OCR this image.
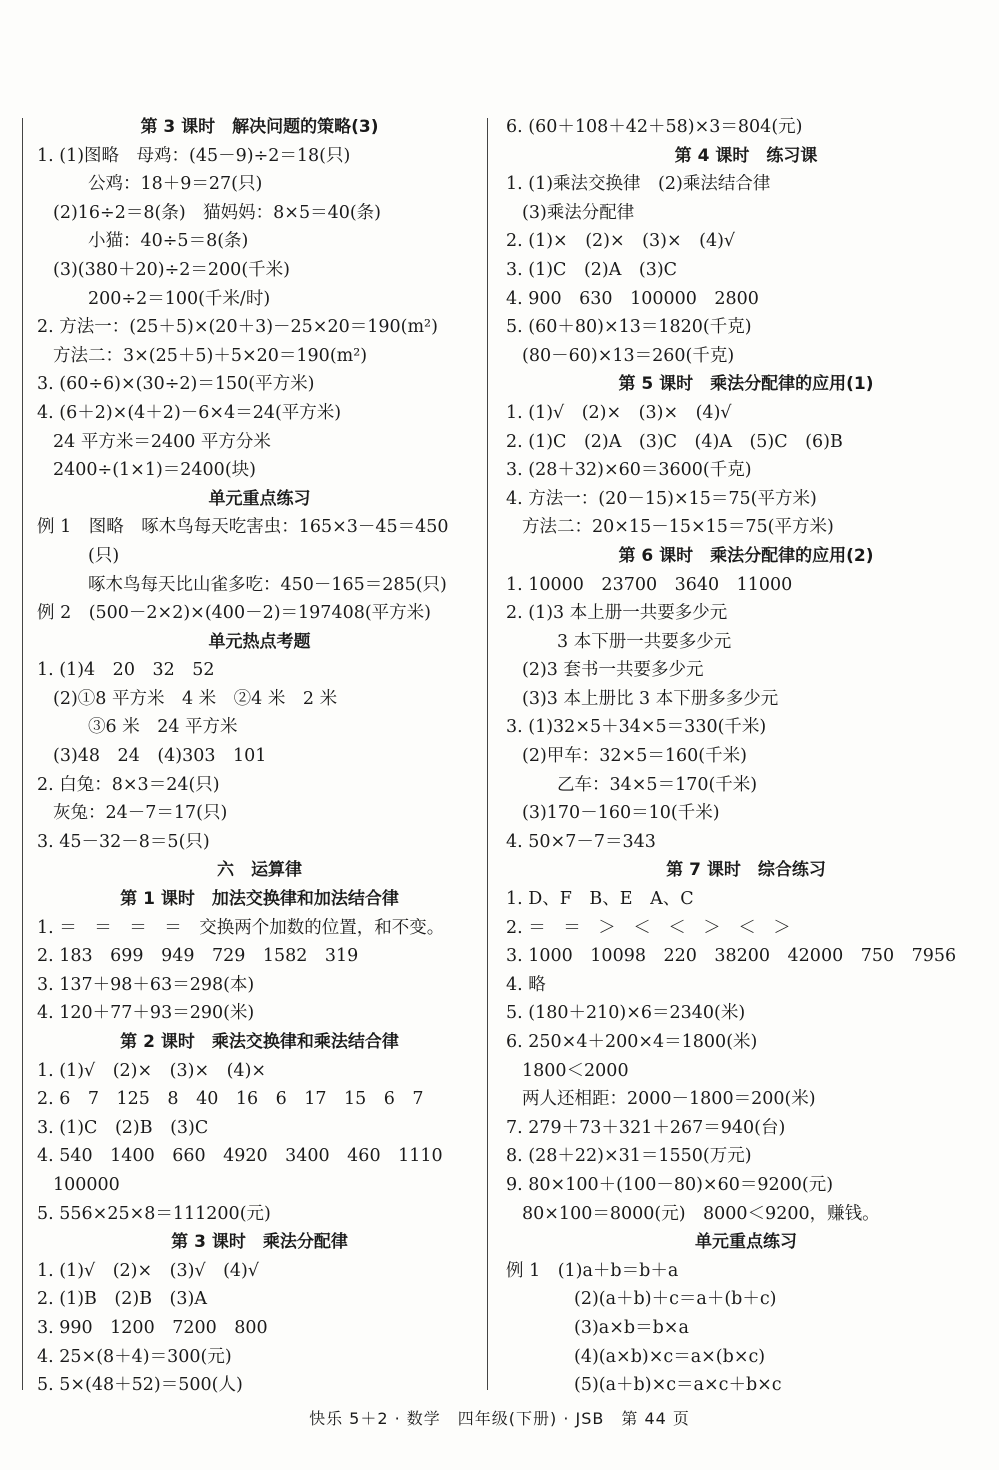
第 3 课时　解决问题的策略(3)
1. (1)图略　母鸡：(45－9)÷2＝18(只)
公鸡：18＋9＝27(只)
(2)16÷2＝8(条)　猫妈妈：8×5＝40(条)
小猫：40÷5＝8(条)
(3)(380＋20)÷2＝200(千米)
200÷2＝100(千米/时)
2. 方法一：(25＋5)×(20＋3)－25×20＝190(m²)
方法二：3×(25＋5)＋5×20＝190(m²)
3. (60÷6)×(30÷2)＝150(平方米)
4. (6＋2)×(4＋2)－6×4＝24(平方米)
24 平方米＝2400 平方分米
2400÷(1×1)＝2400(块)
单元重点练习
例 1　图略　啄木鸟每天吃害虫：165×3－45＝450
(只)
啄木鸟每天比山雀多吃：450－165＝285(只)
例 2　(500－2×2)×(400－2)＝197408(平方米)
单元热点考题
1. (1)4　20　32　52
(2)①8 平方米　4 米　②4 米　2 米
③6 米　24 平方米
(3)48　24　(4)303　101
2. 白兔：8×3＝24(只)
灰兔：24－7＝17(只)
3. 45－32－8＝5(只)
六　运算律
第 1 课时　加法交换律和加法结合律
1. ＝　＝　＝　＝　交换两个加数的位置，和不变。
2. 183　699　949　729　1582　319
3. 137＋98＋63＝298(本)
4. 120＋77＋93＝290(米)
第 2 课时　乘法交换律和乘法结合律
1. (1)√　(2)×　(3)×　(4)×
2. 6　7　125　8　40　16　6　17　15　6　7
3. (1)C　(2)B　(3)C
4. 540　1400　660　4920　3400　460　1110
100000
5. 556×25×8＝111200(元)
第 3 课时　乘法分配律
1. (1)√　(2)×　(3)√　(4)√
2. (1)B　(2)B　(3)A
3. 990　1200　7200　800
4. 25×(8＋4)＝300(元)
5. 5×(48＋52)＝500(人)
6. (60＋108＋42＋58)×3＝804(元)
第 4 课时　练习课
1. (1)乘法交换律　(2)乘法结合律
(3)乘法分配律
2. (1)×　(2)×　(3)×　(4)√
3. (1)C　(2)A　(3)C
4. 900　630　100000　2800
5. (60＋80)×13＝1820(千克)
(80－60)×13＝260(千克)
第 5 课时　乘法分配律的应用(1)
1. (1)√　(2)×　(3)×　(4)√
2. (1)C　(2)A　(3)C　(4)A　(5)C　(6)B
3. (28＋32)×60＝3600(千克)
4. 方法一：(20－15)×15＝75(平方米)
方法二：20×15－15×15＝75(平方米)
第 6 课时　乘法分配律的应用(2)
1. 10000　23700　3640　11000
2. (1)3 本上册一共要多少元
3 本下册一共要多少元
(2)3 套书一共要多少元
(3)3 本上册比 3 本下册多多少元
3. (1)32×5＋34×5＝330(千米)
(2)甲车：32×5＝160(千米)
乙车：34×5＝170(千米)
(3)170－160＝10(千米)
4. 50×7－7＝343
第 7 课时　综合练习
1. D、F　B、E　A、C
2. ＝　＝　＞　＜　＜　＞　＜　＞
3. 1000　10098　220　38200　42000　750　7956
4. 略
5. (180＋210)×6＝2340(米)
6. 250×4＋200×4＝1800(米)
1800＜2000
两人还相距：2000－1800＝200(米)
7. 279＋73＋321＋267＝940(台)
8. (28＋22)×31＝1550(万元)
9. 80×100＋(100－80)×60＝9200(元)
80×100＝8000(元)　8000＜9200，赚钱。
单元重点练习
例 1　(1)a＋b＝b＋a
(2)(a＋b)＋c＝a＋(b＋c)
(3)a×b＝b×a
(4)(a×b)×c＝a×(b×c)
(5)(a＋b)×c＝a×c＋b×c
快乐 5＋2 · 数学　四年级(下册) · JSB　第 44 页
